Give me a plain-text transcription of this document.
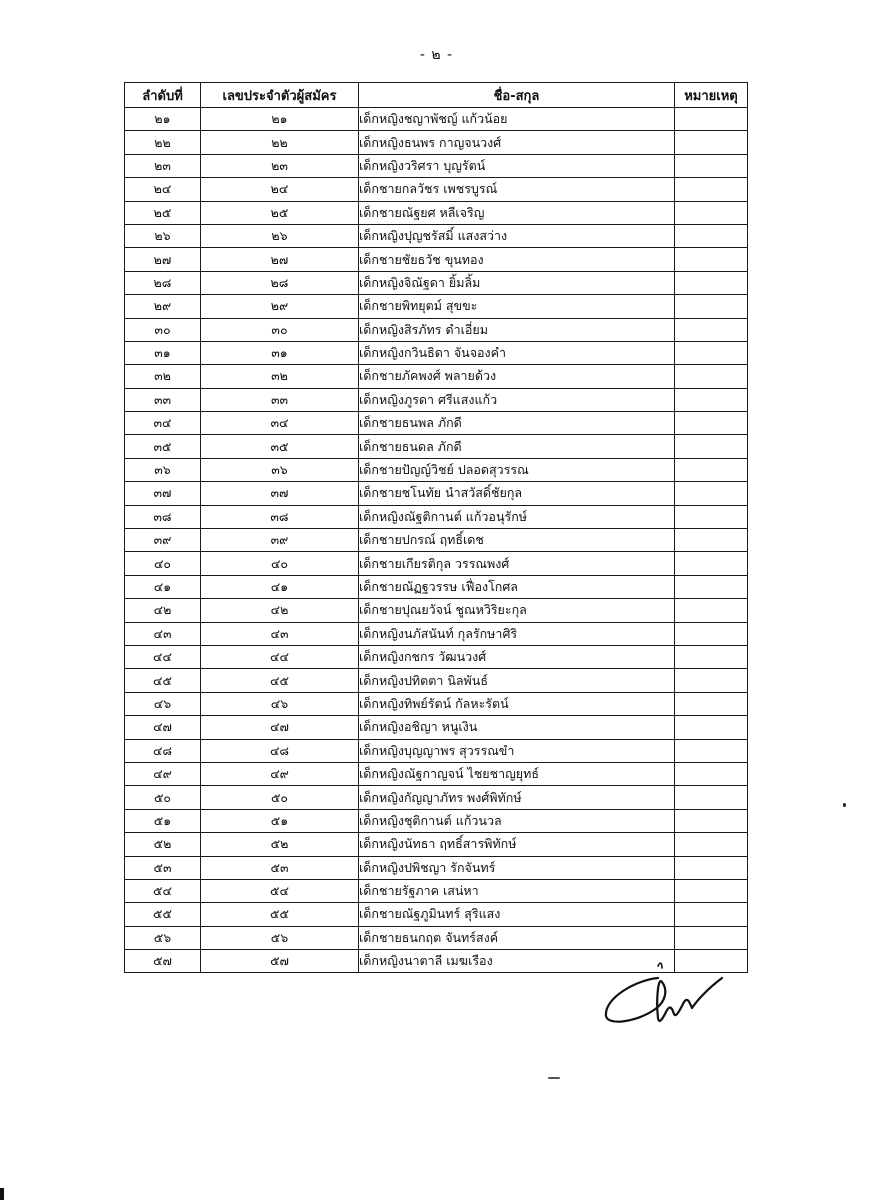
- ๒ -
ลำดับที่	เลขประจำตัวผู้สมัคร	ชื่อ-สกุล	หมายเหตุ
๒๑	๒๑	เด็กหญิงชญาพัชญ์ แก้วน้อย	
๒๒	๒๒	เด็กหญิงธนพร กาญจนวงศ์	
๒๓	๒๓	เด็กหญิงวริศรา บุญรัตน์	
๒๔	๒๔	เด็กชายกลวัชร เพชรบูรณ์	
๒๕	๒๕	เด็กชายณัฐยศ หลีเจริญ	
๒๖	๒๖	เด็กหญิงปุญชรัสมิ์ แสงสว่าง	
๒๗	๒๗	เด็กชายชัยธวัช ขุนทอง	
๒๘	๒๘	เด็กหญิงจิณัฐดา ยิ้มลิ้ม	
๒๙	๒๙	เด็กชายพิทยุตม์ สุขขะ	
๓๐	๓๐	เด็กหญิงสิรภัทร ดำเอี่ยม	
๓๑	๓๑	เด็กหญิงกวินธิดา จันจองคำ	
๓๒	๓๒	เด็กชายภัคพงศ์ พลายด้วง	
๓๓	๓๓	เด็กหญิงภูรดา ศรีแสงแก้ว	
๓๔	๓๔	เด็กชายธนพล ภักดี	
๓๕	๓๕	เด็กชายธนดล ภักดี	
๓๖	๓๖	เด็กชายปัญญ์วิชย์ ปลอดสุวรรณ	
๓๗	๓๗	เด็กชายชโนทัย นำสวัสดิ์ชัยกุล	
๓๘	๓๘	เด็กหญิงณัฐติกานต์ แก้วอนุรักษ์	
๓๙	๓๙	เด็กชายปกรณ์ ฤทธิ์เดช	
๔๐	๔๐	เด็กชายเกียรติกุล วรรณพงศ์	
๔๑	๔๑	เด็กชายณัฏฐวรรษ เฟื่องโกศล	
๔๒	๔๒	เด็กชายปุณยวัจน์ ชูณหวิริยะกุล	
๔๓	๔๓	เด็กหญิงนภัสนันท์ กุลรักษาศิริ	
๔๔	๔๔	เด็กหญิงกชกร วัฒนวงศ์	
๔๕	๔๕	เด็กหญิงปทิตตา นิลพันธ์	
๔๖	๔๖	เด็กหญิงทิพย์รัตน์ กัลหะรัตน์	
๔๗	๔๗	เด็กหญิงอชิญา หนูเงิน	
๔๘	๔๘	เด็กหญิงบุญญาพร สุวรรณขำ	
๔๙	๔๙	เด็กหญิงณัฐกาญจน์ ไชยชาญยุทธ์	
๕๐	๕๐	เด็กหญิงกัญญาภัทร พงศ์พิทักษ์	
๕๑	๕๑	เด็กหญิงชุติกานต์ แก้วนวล	
๕๒	๕๒	เด็กหญิงนัทธา ฤทธิ์สารพิทักษ์	
๕๓	๕๓	เด็กหญิงปพิชญา รักจันทร์	
๕๔	๕๔	เด็กชายรัฐภาค เสน่หา	
๕๕	๕๕	เด็กชายณัฐภูมินทร์ สุริแสง	
๕๖	๕๖	เด็กชายธนกฤต จันทร์สงค์	
๕๗	๕๗	เด็กหญิงนาตาลี เมฆเรือง	
